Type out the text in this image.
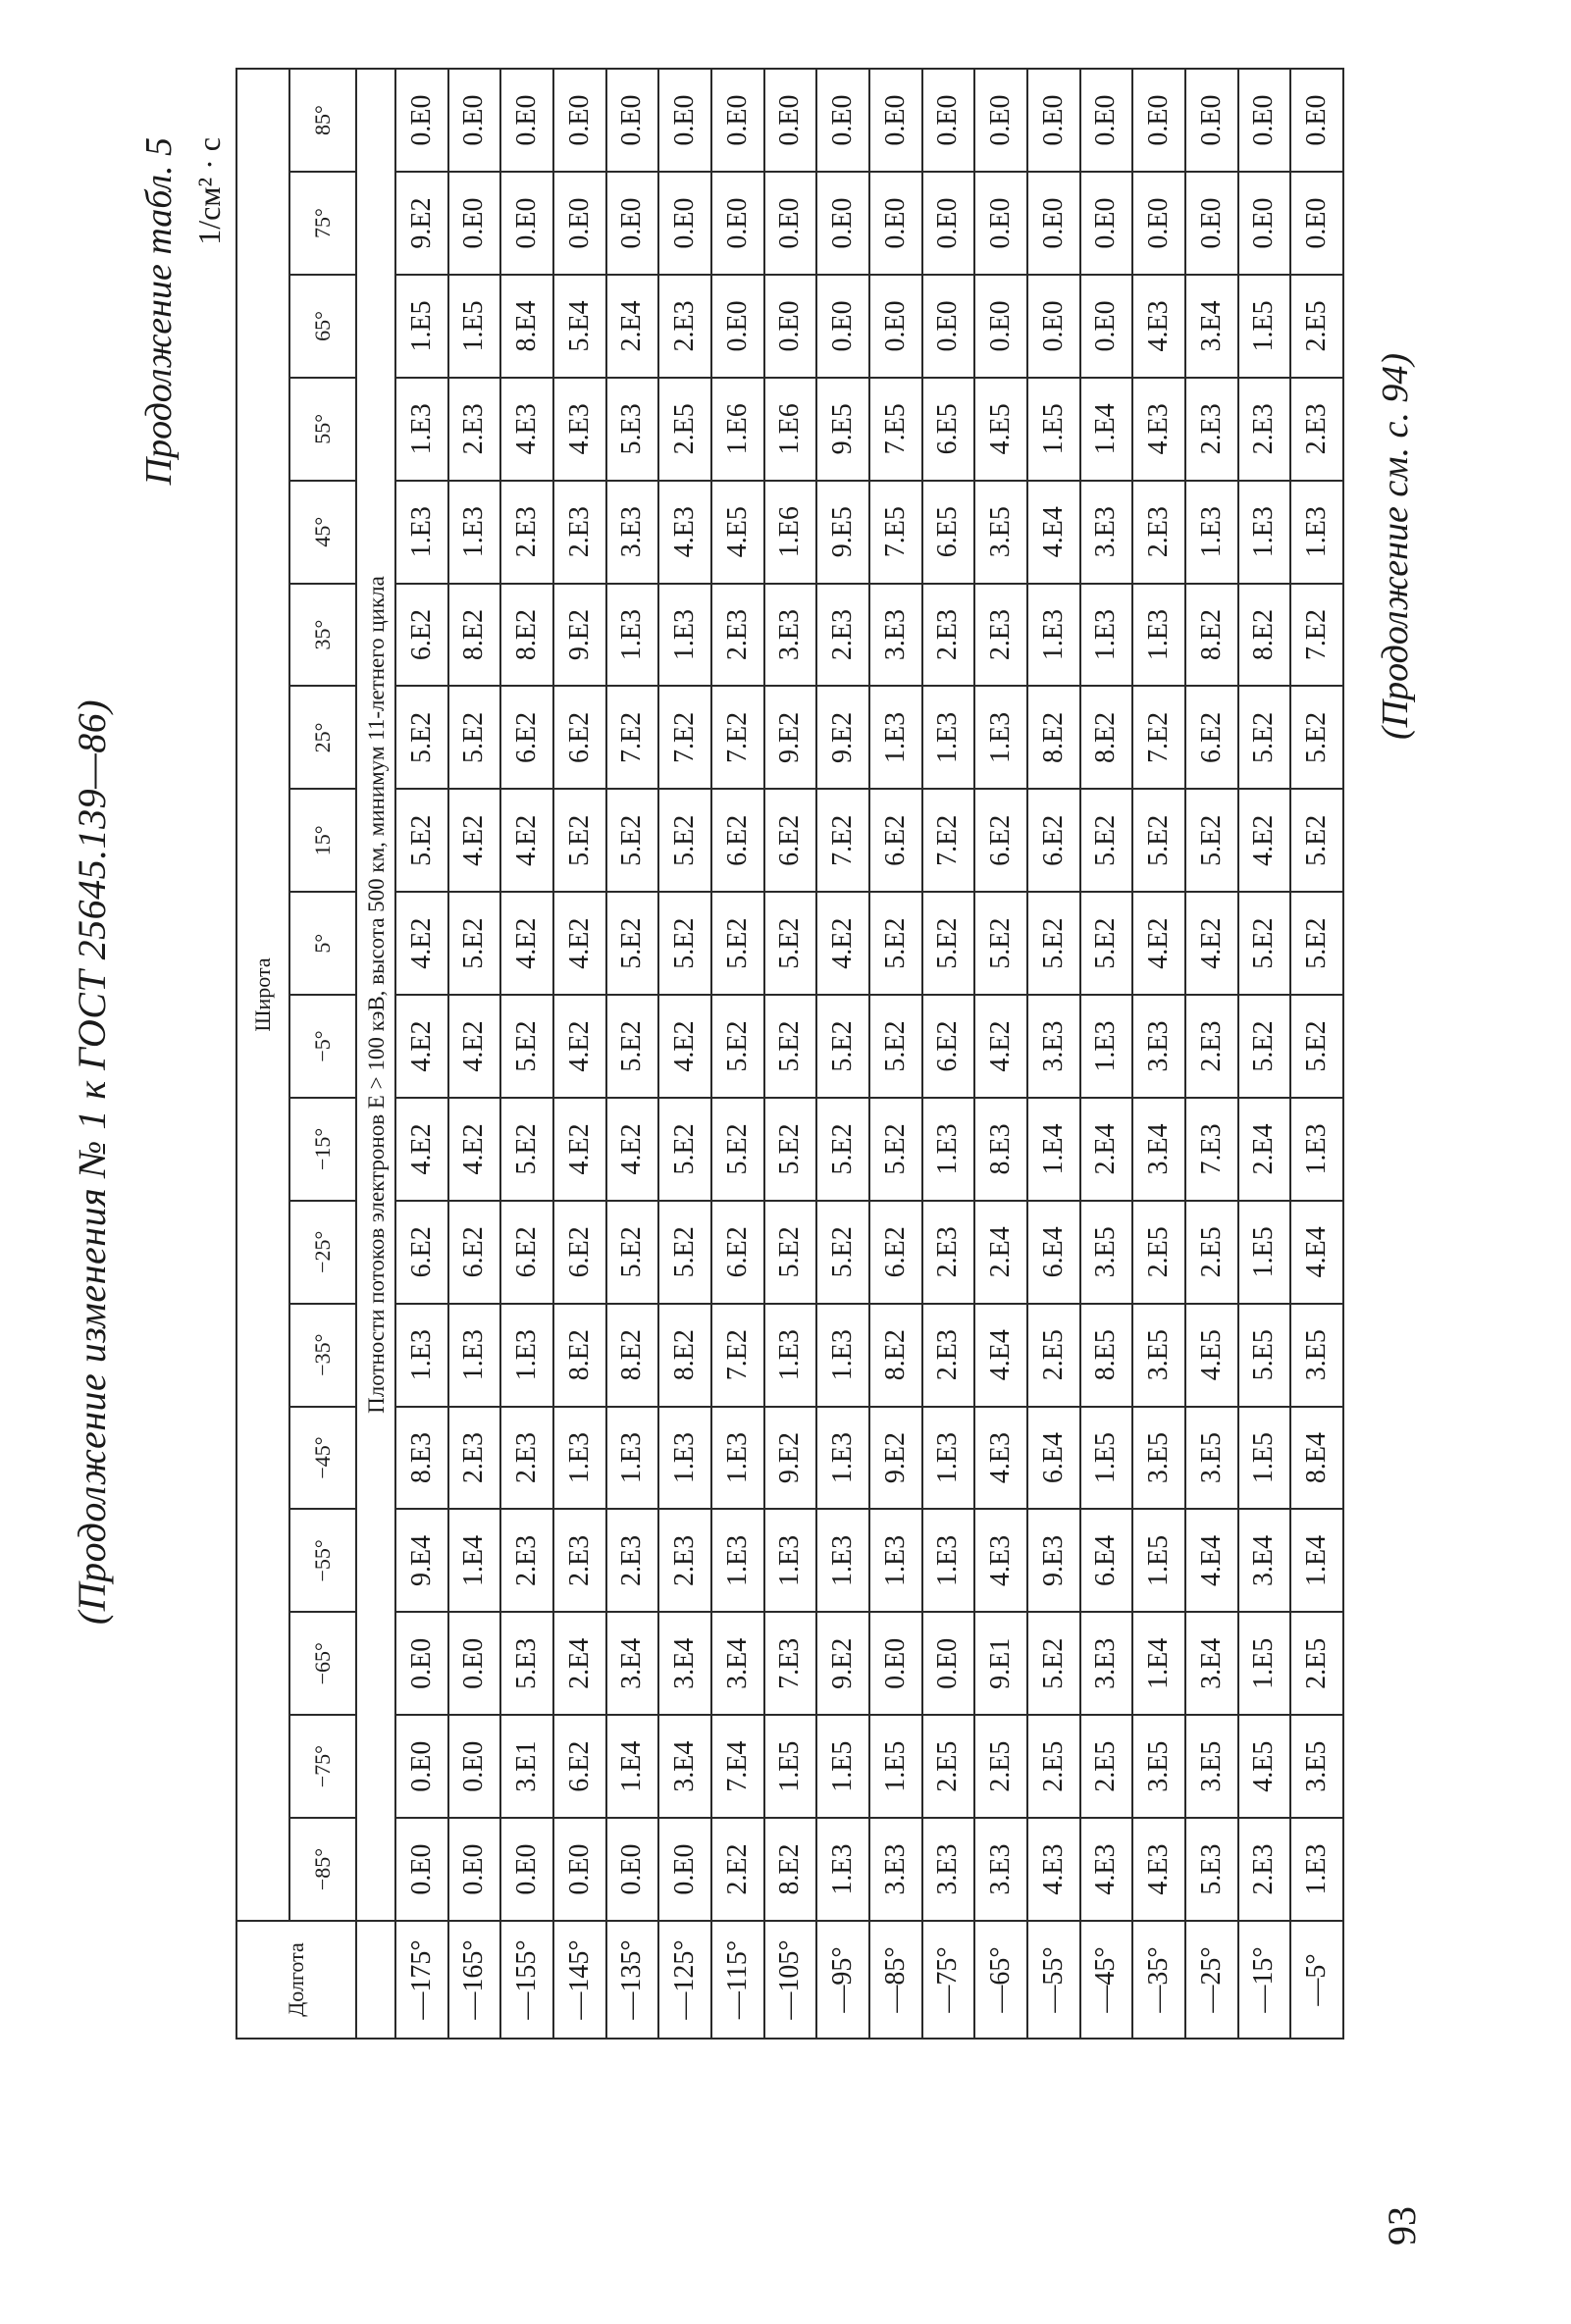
(Продолжение изменения № 1 к ГОСТ 25645.139—86)
Продолжение табл. 5 1/см² · с
Долгота	Широта																	
	−85°	−75°	−65°	−55°	−45°	−35°	−25°	−15°	−5°	5°	15°	25°	35°	45°	55°	65°	75°	85°
	Плотности потоков электронов E > 100 кэВ, высота 500 км, минимум 11-летнего цикла																	
—175°	0.E0	0.E0	0.E0	9.E4	8.E3	1.E3	6.E2	4.E2	4.E2	4.E2	5.E2	5.E2	6.E2	1.E3	1.E3	1.E5	9.E2	0.E0
—165°	0.E0	0.E0	0.E0	1.E4	2.E3	1.E3	6.E2	4.E2	4.E2	5.E2	4.E2	5.E2	8.E2	1.E3	2.E3	1.E5	0.E0	0.E0
—155°	0.E0	3.E1	5.E3	2.E3	2.E3	1.E3	6.E2	5.E2	5.E2	4.E2	4.E2	6.E2	8.E2	2.E3	4.E3	8.E4	0.E0	0.E0
—145°	0.E0	6.E2	2.E4	2.E3	1.E3	8.E2	6.E2	4.E2	4.E2	4.E2	5.E2	6.E2	9.E2	2.E3	4.E3	5.E4	0.E0	0.E0
—135°	0.E0	1.E4	3.E4	2.E3	1.E3	8.E2	5.E2	4.E2	5.E2	5.E2	5.E2	7.E2	1.E3	3.E3	5.E3	2.E4	0.E0	0.E0
—125°	0.E0	3.E4	3.E4	2.E3	1.E3	8.E2	5.E2	5.E2	4.E2	5.E2	5.E2	7.E2	1.E3	4.E3	2.E5	2.E3	0.E0	0.E0
—115°	2.E2	7.E4	3.E4	1.E3	1.E3	7.E2	6.E2	5.E2	5.E2	5.E2	6.E2	7.E2	2.E3	4.E5	1.E6	0.E0	0.E0	0.E0
—105°	8.E2	1.E5	7.E3	1.E3	9.E2	1.E3	5.E2	5.E2	5.E2	5.E2	6.E2	9.E2	3.E3	1.E6	1.E6	0.E0	0.E0	0.E0
—95°	1.E3	1.E5	9.E2	1.E3	1.E3	1.E3	5.E2	5.E2	5.E2	4.E2	7.E2	9.E2	2.E3	9.E5	9.E5	0.E0	0.E0	0.E0
—85°	3.E3	1.E5	0.E0	1.E3	9.E2	8.E2	6.E2	5.E2	5.E2	5.E2	6.E2	1.E3	3.E3	7.E5	7.E5	0.E0	0.E0	0.E0
—75°	3.E3	2.E5	0.E0	1.E3	1.E3	2.E3	2.E3	1.E3	6.E2	5.E2	7.E2	1.E3	2.E3	6.E5	6.E5	0.E0	0.E0	0.E0
—65°	3.E3	2.E5	9.E1	4.E3	4.E3	4.E4	2.E4	8.E3	4.E2	5.E2	6.E2	1.E3	2.E3	3.E5	4.E5	0.E0	0.E0	0.E0
—55°	4.E3	2.E5	5.E2	9.E3	6.E4	2.E5	6.E4	1.E4	3.E3	5.E2	6.E2	8.E2	1.E3	4.E4	1.E5	0.E0	0.E0	0.E0
—45°	4.E3	2.E5	3.E3	6.E4	1.E5	8.E5	3.E5	2.E4	1.E3	5.E2	5.E2	8.E2	1.E3	3.E3	1.E4	0.E0	0.E0	0.E0
—35°	4.E3	3.E5	1.E4	1.E5	3.E5	3.E5	2.E5	3.E4	3.E3	4.E2	5.E2	7.E2	1.E3	2.E3	4.E3	4.E3	0.E0	0.E0
—25°	5.E3	3.E5	3.E4	4.E4	3.E5	4.E5	2.E5	7.E3	2.E3	4.E2	5.E2	6.E2	8.E2	1.E3	2.E3	3.E4	0.E0	0.E0
—15°	2.E3	4.E5	1.E5	3.E4	1.E5	5.E5	1.E5	2.E4	5.E2	5.E2	4.E2	5.E2	8.E2	1.E3	2.E3	1.E5	0.E0	0.E0
—5°	1.E3	3.E5	2.E5	1.E4	8.E4	3.E5	4.E4	1.E3	5.E2	5.E2	5.E2	5.E2	7.E2	1.E3	2.E3	2.E5	0.E0	0.E0
(Продолжение см. с. 94)
93
